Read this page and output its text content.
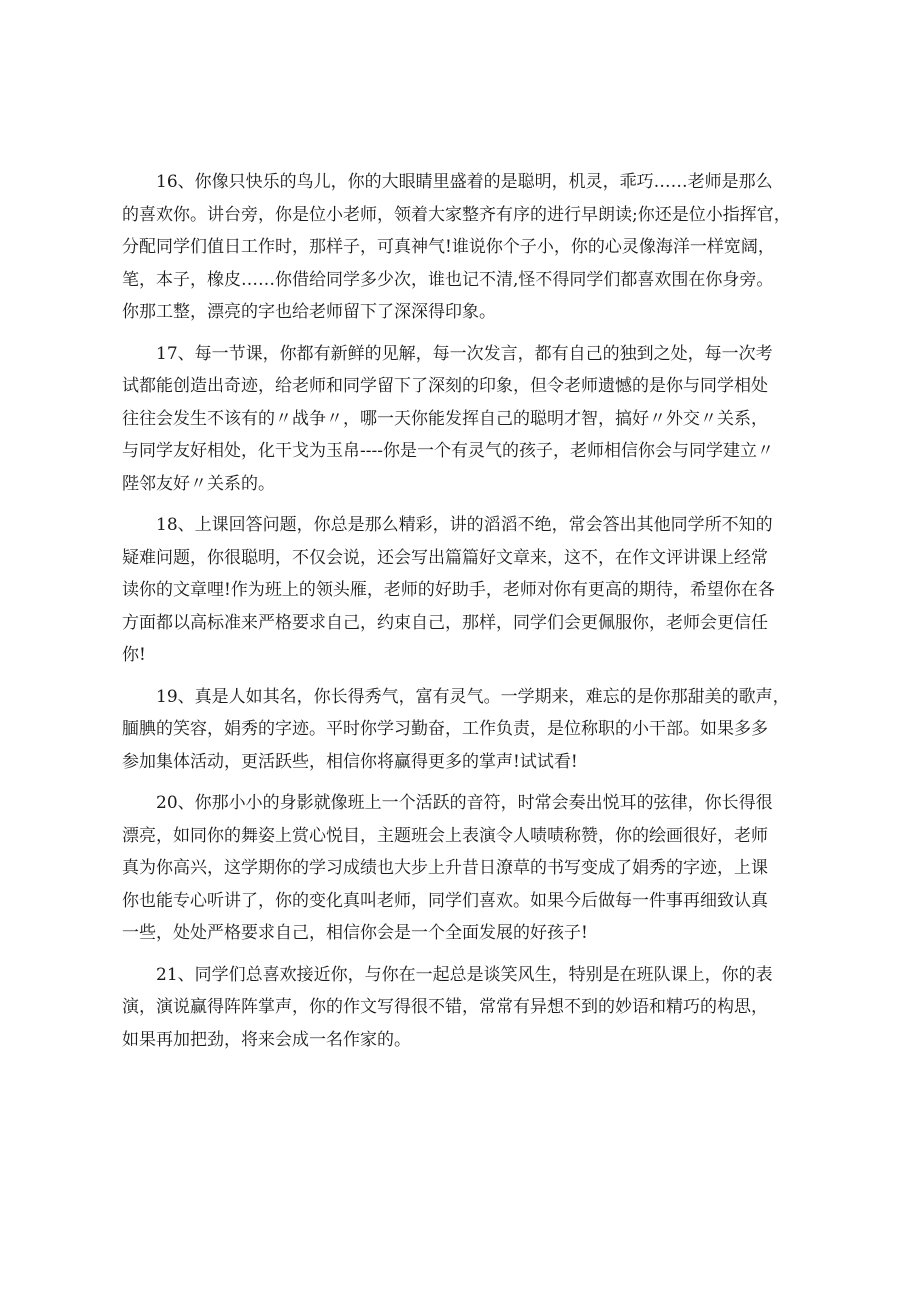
16、你像只快乐的鸟儿，你的大眼睛里盛着的是聪明，机灵，乖巧……老师是那么
的喜欢你。讲台旁，你是位小老师，领着大家整齐有序的进行早朗读;你还是位小指挥官，
分配同学们值日工作时，那样子，可真神气!谁说你个子小，你的心灵像海洋一样宽阔，
笔，本子，橡皮……你借给同学多少次，谁也记不清,怪不得同学们都喜欢围在你身旁。
你那工整，漂亮的字也给老师留下了深深得印象。

17、每一节课，你都有新鲜的见解，每一次发言，都有自己的独到之处，每一次考
试都能创造出奇迹，给老师和同学留下了深刻的印象，但令老师遗憾的是你与同学相处
往往会发生不该有的〃战争〃，哪一天你能发挥自己的聪明才智，搞好〃外交〃关系，
与同学友好相处，化干戈为玉帛----你是一个有灵气的孩子，老师相信你会与同学建立〃
陛邻友好〃关系的。

18、上课回答问题，你总是那么精彩，讲的滔滔不绝，常会答出其他同学所不知的
疑难问题，你很聪明，不仅会说，还会写出篇篇好文章来，这不，在作文评讲课上经常
读你的文章哩!作为班上的领头雁，老师的好助手，老师对你有更高的期待，希望你在各
方面都以高标准来严格要求自己，约束自己，那样，同学们会更佩服你，老师会更信任
你!

19、真是人如其名，你长得秀气，富有灵气。一学期来，难忘的是你那甜美的歌声，
腼腆的笑容，娟秀的字迹。平时你学习勤奋，工作负责，是位称职的小干部。如果多多
参加集体活动，更活跃些，相信你将赢得更多的掌声!试试看!

20、你那小小的身影就像班上一个活跃的音符，时常会奏出悦耳的弦律，你长得很
漂亮，如同你的舞姿上赏心悦目，主题班会上表演令人啧啧称赞，你的绘画很好，老师
真为你高兴，这学期你的学习成绩也大步上升昔日潦草的书写变成了娟秀的字迹，上课
你也能专心听讲了，你的变化真叫老师，同学们喜欢。如果今后做每一件事再细致认真
一些，处处严格要求自己，相信你会是一个全面发展的好孩子!

21、同学们总喜欢接近你，与你在一起总是谈笑风生，特别是在班队课上，你的表
演，演说赢得阵阵掌声，你的作文写得很不错，常常有异想不到的妙语和精巧的构思，
如果再加把劲，将来会成一名作家的。
